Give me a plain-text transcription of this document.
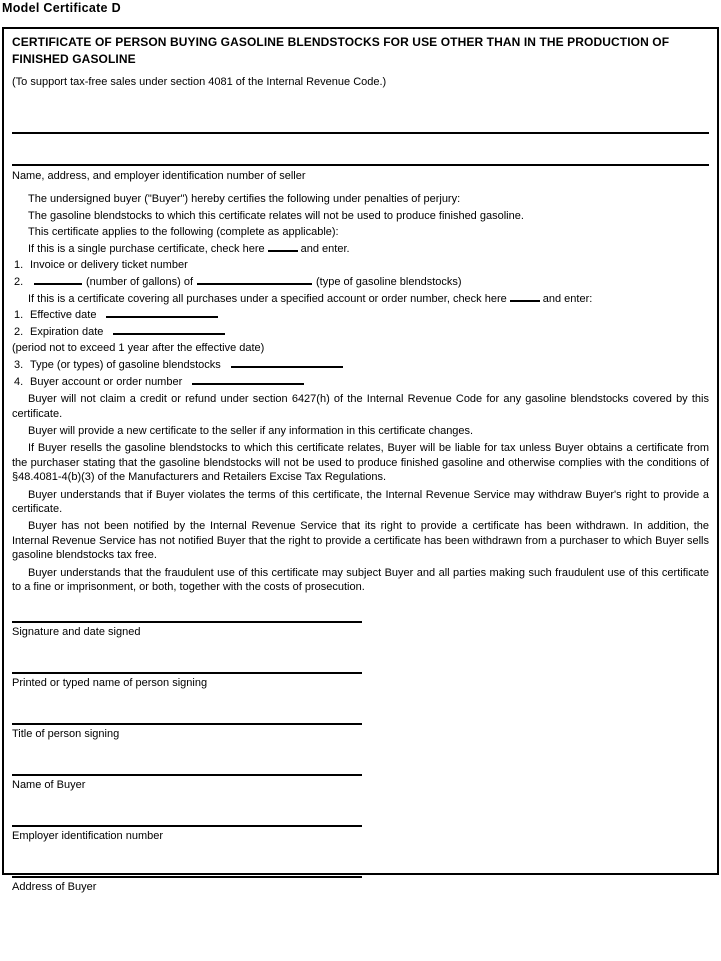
Model Certificate D
CERTIFICATE OF PERSON BUYING GASOLINE BLENDSTOCKS FOR USE OTHER THAN IN THE PRODUCTION OF FINISHED GASOLINE
(To support tax-free sales under section 4081 of the Internal Revenue Code.)
Name, address, and employer identification number of seller

The undersigned buyer ("Buyer") hereby certifies the following under penalties of perjury:

The gasoline blendstocks to which this certificate relates will not be used to produce finished gasoline.

This certificate applies to the following (complete as applicable):

If this is a single purchase certificate, check here	and enter.

1. Invoice or delivery ticket number
2.	(number of gallons) of	(type of gasoline blendstocks)

If this is a certificate covering all purchases under a specified account or order number, check here	and enter:

1. Effective date
2. Expiration date
(period not to exceed 1 year after the effective date)
3. Type (or types) of gasoline blendstocks
4. Buyer account or order number

Buyer will not claim a credit or refund under section 6427(h) of the Internal Revenue Code for any gasoline blendstocks covered by this certificate.

Buyer will provide a new certificate to the seller if any information in this certificate changes.

If Buyer resells the gasoline blendstocks to which this certificate relates, Buyer will be liable for tax unless Buyer obtains a certificate from the purchaser stating that the gasoline blendstocks will not be used to produce finished gasoline and otherwise complies with the conditions of §48.4081-4(b)(3) of the Manufacturers and Retailers Excise Tax Regulations.

Buyer understands that if Buyer violates the terms of this certificate, the Internal Revenue Service may withdraw Buyer's right to provide a certificate.

Buyer has not been notified by the Internal Revenue Service that its right to provide a certificate has been withdrawn. In addition, the Internal Revenue Service has not notified Buyer that the right to provide a certificate has been withdrawn from a purchaser to which Buyer sells gasoline blendstocks tax free.

Buyer understands that the fraudulent use of this certificate may subject Buyer and all parties making such fraudulent use of this certificate to a fine or imprisonment, or both, together with the costs of prosecution.

Signature and date signed
Printed or typed name of person signing
Title of person signing
Name of Buyer
Employer identification number
Address of Buyer
